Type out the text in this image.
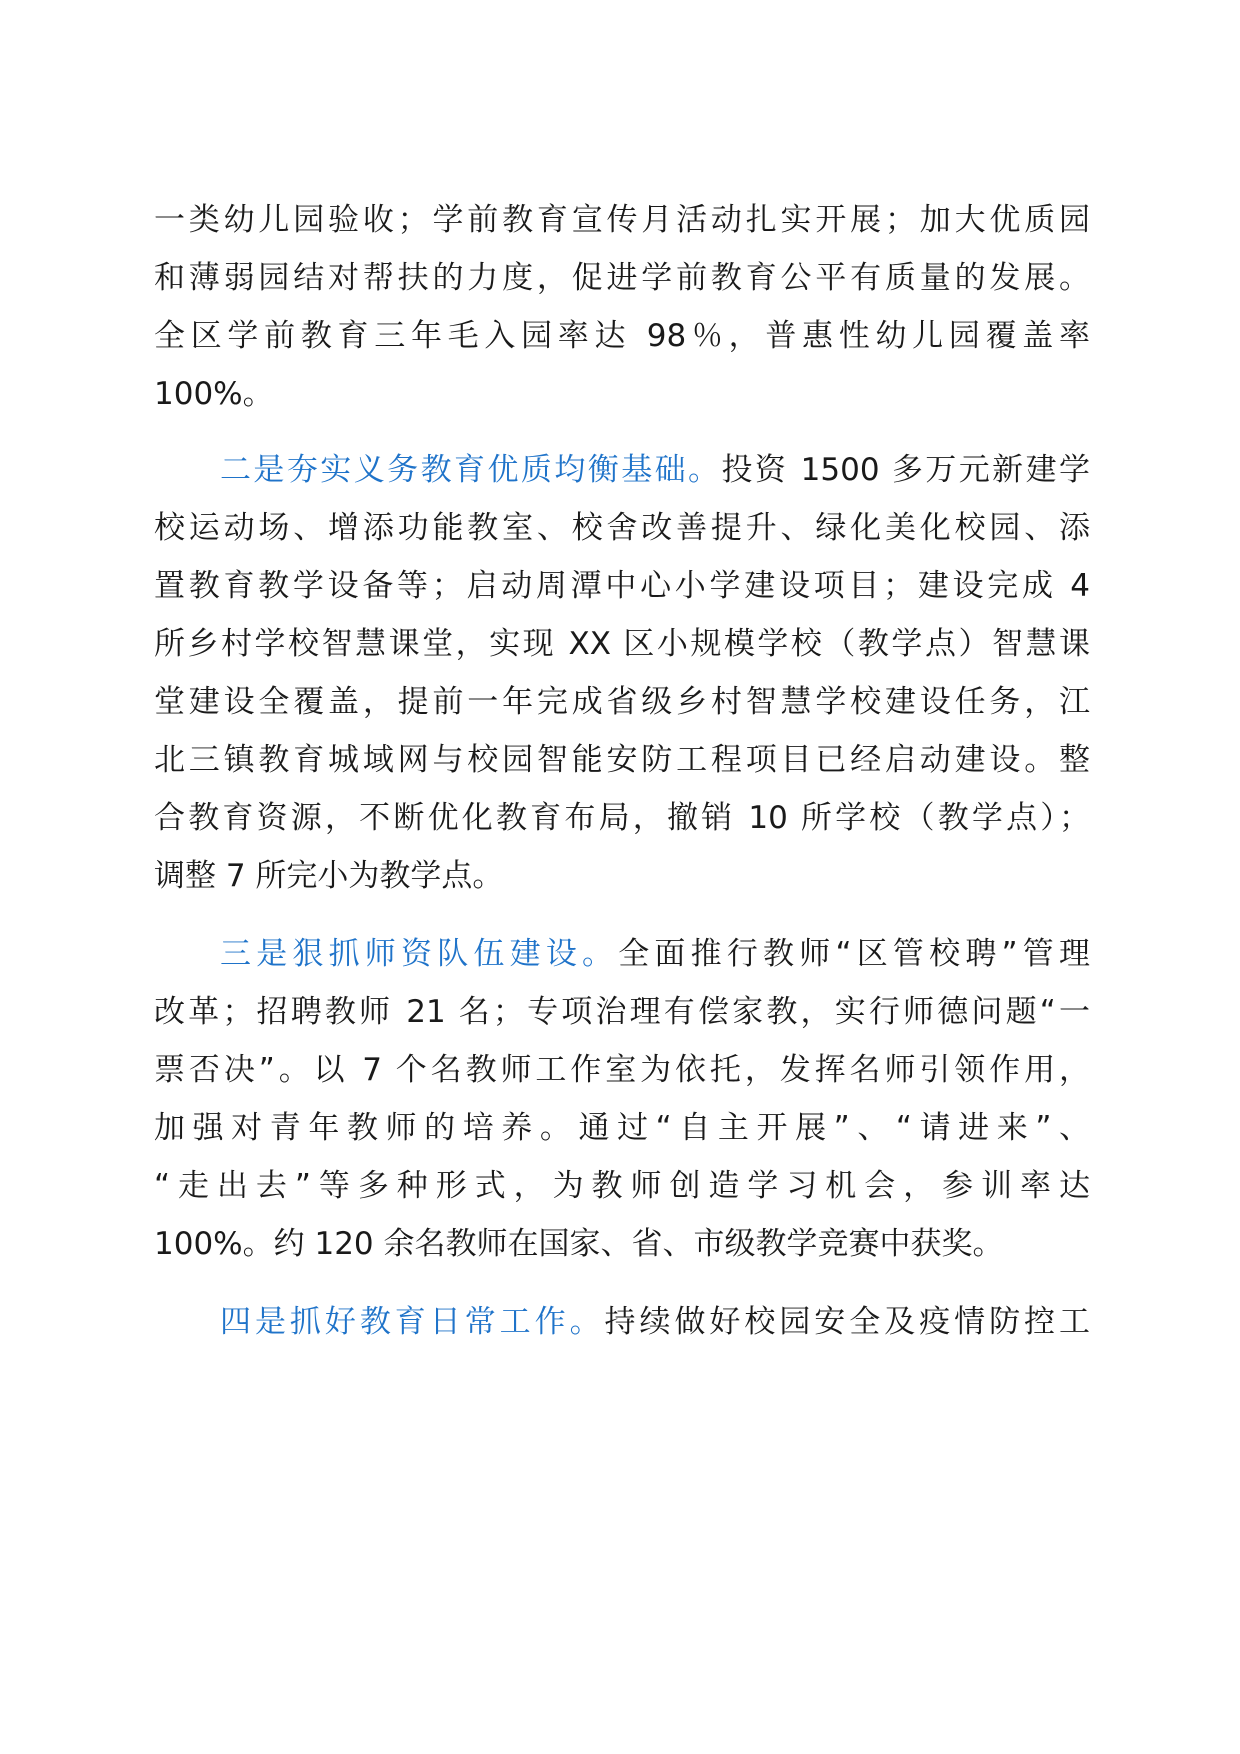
一类幼儿园验收；学前教育宣传月活动扎实开展；加大优质园
和薄弱园结对帮扶的力度，促进学前教育公平有质量的发展。
全区学前教育三年毛入园率达 98％，普惠性幼儿园覆盖率
100%。
二是夯实义务教育优质均衡基础。投资 1500 多万元新建学
校运动场、增添功能教室、校舍改善提升、绿化美化校园、添
置教育教学设备等；启动周潭中心小学建设项目；建设完成 4
所乡村学校智慧课堂，实现 XX 区小规模学校（教学点）智慧课
堂建设全覆盖，提前一年完成省级乡村智慧学校建设任务，江
北三镇教育城域网与校园智能安防工程项目已经启动建设。整
合教育资源，不断优化教育布局，撤销 10 所学校（教学点）；
调整 7 所完小为教学点。
三是狠抓师资队伍建设。全面推行教师“区管校聘”管理
改革；招聘教师 21 名；专项治理有偿家教，实行师德问题“一
票否决”。以 7 个名教师工作室为依托，发挥名师引领作用，
加强对青年教师的培养。通过“自主开展”、“请进来”、
“走出去”等多种形式，为教师创造学习机会，参训率达
100%。约 120 余名教师在国家、省、市级教学竞赛中获奖。
四是抓好教育日常工作。持续做好校园安全及疫情防控工
